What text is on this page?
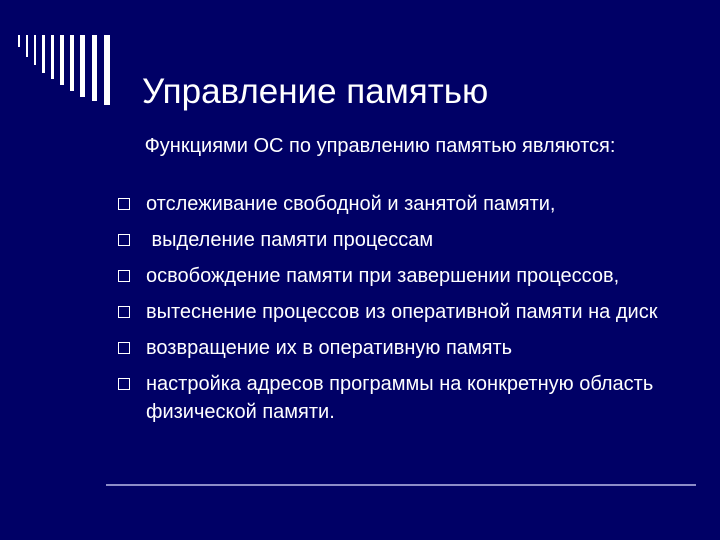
Управление памятью
Функциями ОС по управлению памятью являются:
отслеживание свободной и занятой памяти,
выделение памяти процессам
освобождение памяти при завершении процессов,
вытеснение процессов из оперативной памяти на диск
возвращение их в оперативную память
настройка адресов программы на конкретную область физической памяти.
